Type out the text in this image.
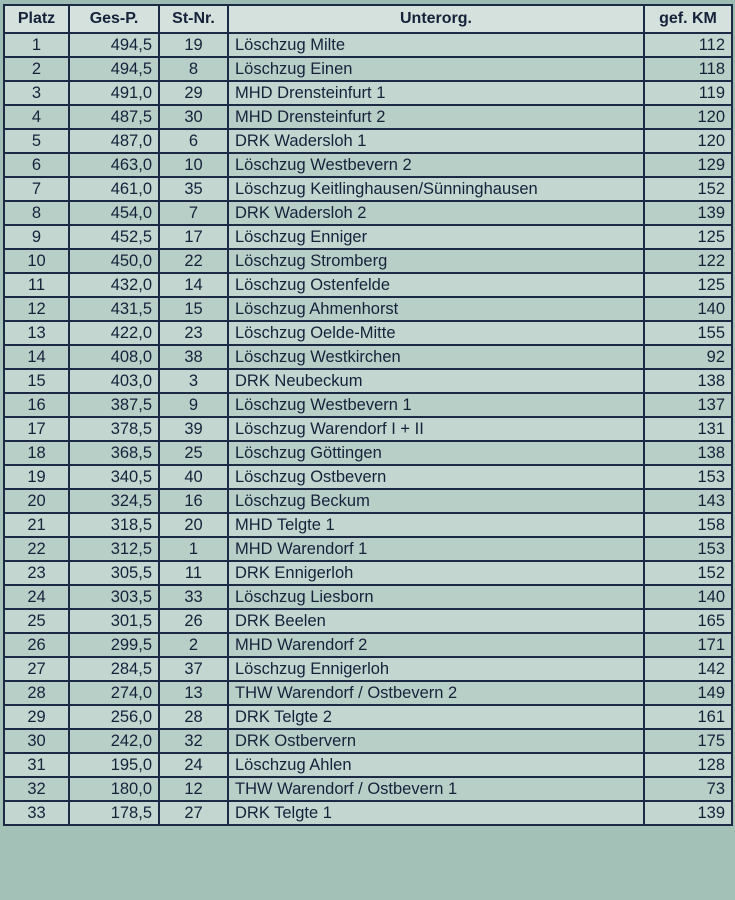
Platz	Ges-P.	St-Nr.	Unterorg.	gef. KM
1	494,5	19	Löschzug Milte	112
2	494,5	8	Löschzug Einen	118
3	491,0	29	MHD Drensteinfurt 1	119
4	487,5	30	MHD Drensteinfurt 2	120
5	487,0	6	DRK Wadersloh 1	120
6	463,0	10	Löschzug Westbevern 2	129
7	461,0	35	Löschzug Keitlinghausen/Sünninghausen	152
8	454,0	7	DRK Wadersloh 2	139
9	452,5	17	Löschzug Enniger	125
10	450,0	22	Löschzug Stromberg	122
11	432,0	14	Löschzug Ostenfelde	125
12	431,5	15	Löschzug Ahmenhorst	140
13	422,0	23	Löschzug Oelde-Mitte	155
14	408,0	38	Löschzug Westkirchen	92
15	403,0	3	DRK Neubeckum	138
16	387,5	9	Löschzug Westbevern 1	137
17	378,5	39	Löschzug Warendorf I + II	131
18	368,5	25	Löschzug Göttingen	138
19	340,5	40	Löschzug Ostbevern	153
20	324,5	16	Löschzug Beckum	143
21	318,5	20	MHD Telgte 1	158
22	312,5	1	MHD Warendorf 1	153
23	305,5	11	DRK Ennigerloh	152
24	303,5	33	Löschzug Liesborn	140
25	301,5	26	DRK Beelen	165
26	299,5	2	MHD Warendorf 2	171
27	284,5	37	Löschzug Ennigerloh	142
28	274,0	13	THW Warendorf / Ostbevern 2	149
29	256,0	28	DRK Telgte 2	161
30	242,0	32	DRK Ostbervern	175
31	195,0	24	Löschzug Ahlen	128
32	180,0	12	THW Warendorf / Ostbevern 1	73
33	178,5	27	DRK Telgte 1	139
